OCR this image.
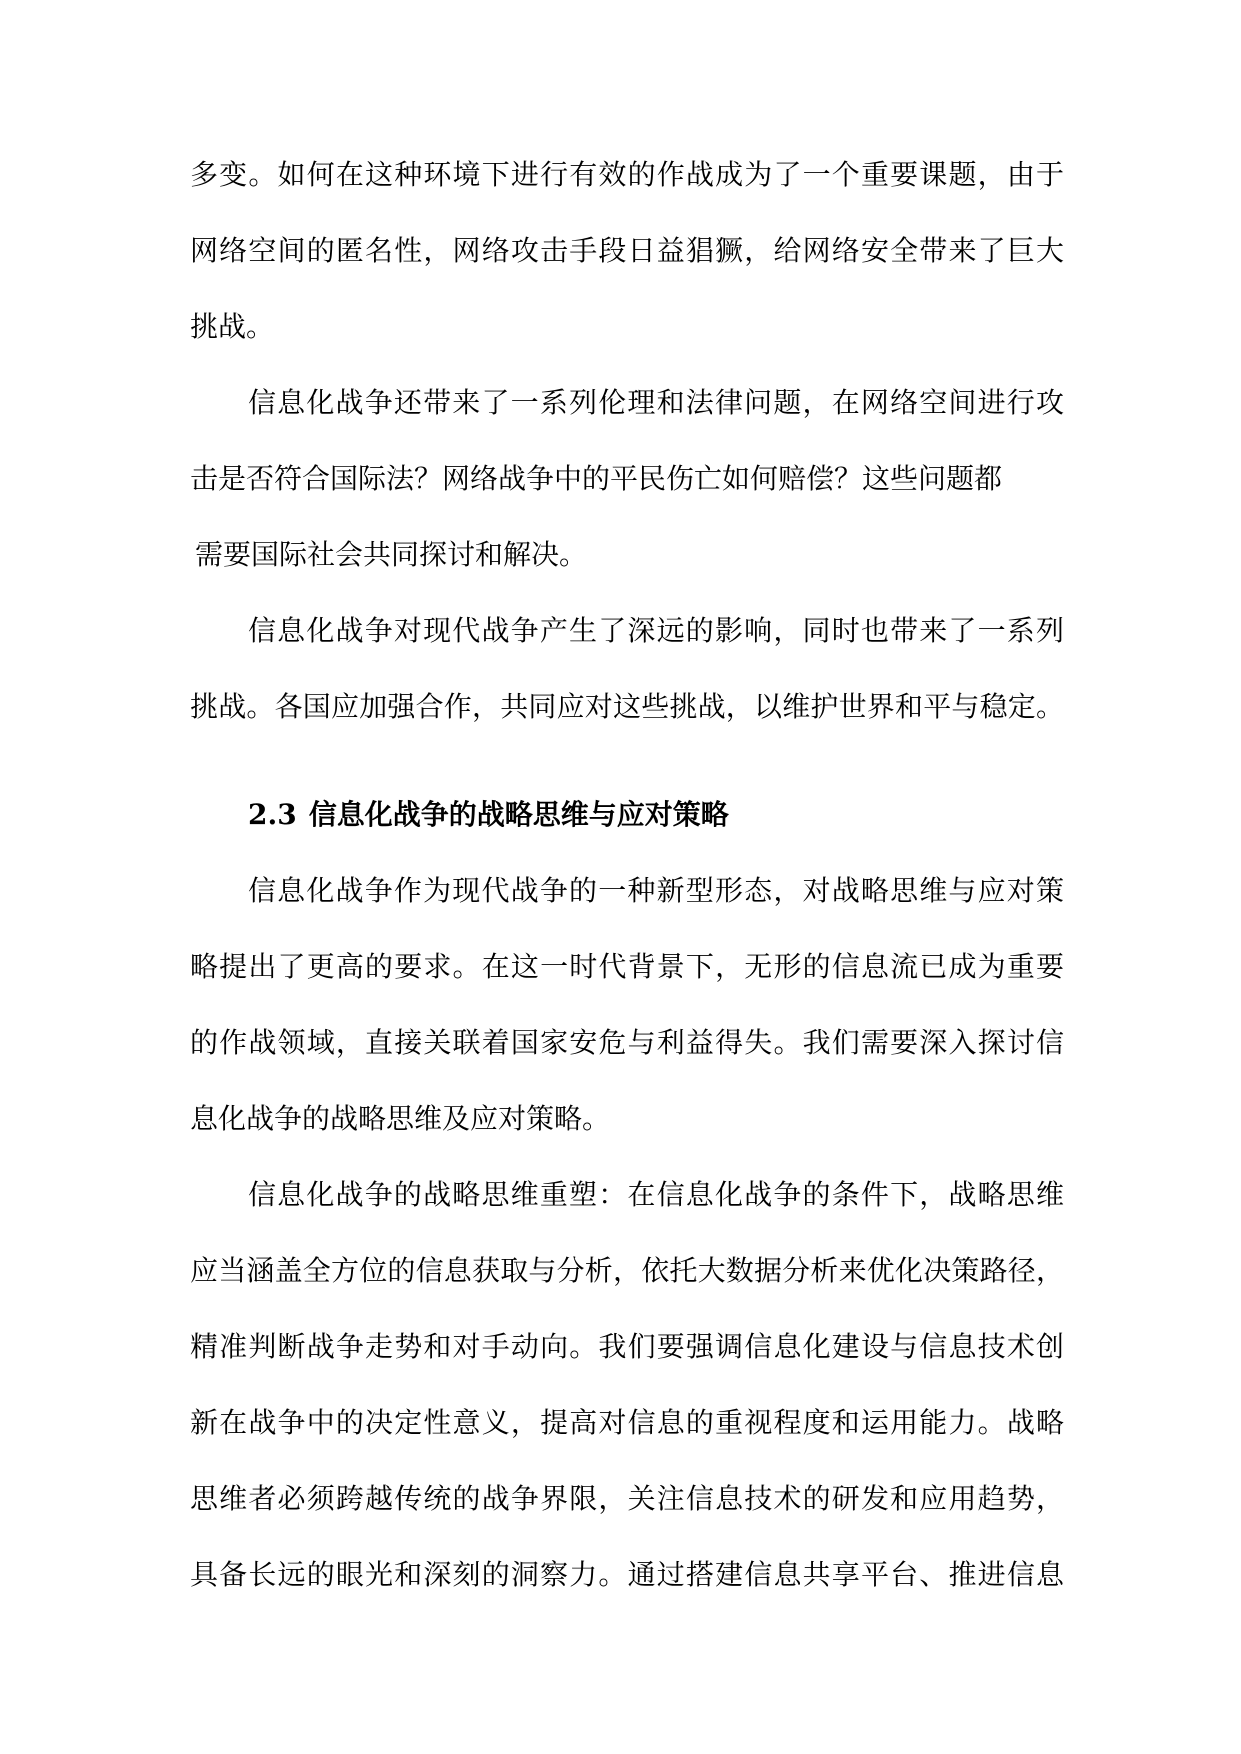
多变。如何在这种环境下进行有效的作战成为了一个重要课题，由于
网络空间的匿名性，网络攻击手段日益猖獗，给网络安全带来了巨大
挑战。
信息化战争还带来了一系列伦理和法律问题，在网络空间进行攻
击是否符合国际法？网络战争中的平民伤亡如何赔偿？这些问题都
需要国际社会共同探讨和解决。
信息化战争对现代战争产生了深远的影响，同时也带来了一系列
挑战。各国应加强合作，共同应对这些挑战，以维护世界和平与稳定。
2.3 信息化战争的战略思维与应对策略
信息化战争作为现代战争的一种新型形态，对战略思维与应对策
略提出了更高的要求。在这一时代背景下，无形的信息流已成为重要
的作战领域，直接关联着国家安危与利益得失。我们需要深入探讨信
息化战争的战略思维及应对策略。
信息化战争的战略思维重塑：在信息化战争的条件下，战略思维
应当涵盖全方位的信息获取与分析，依托大数据分析来优化决策路径，
精准判断战争走势和对手动向。我们要强调信息化建设与信息技术创
新在战争中的决定性意义，提高对信息的重视程度和运用能力。战略
思维者必须跨越传统的战争界限，关注信息技术的研发和应用趋势，
具备长远的眼光和深刻的洞察力。通过搭建信息共享平台、推进信息
